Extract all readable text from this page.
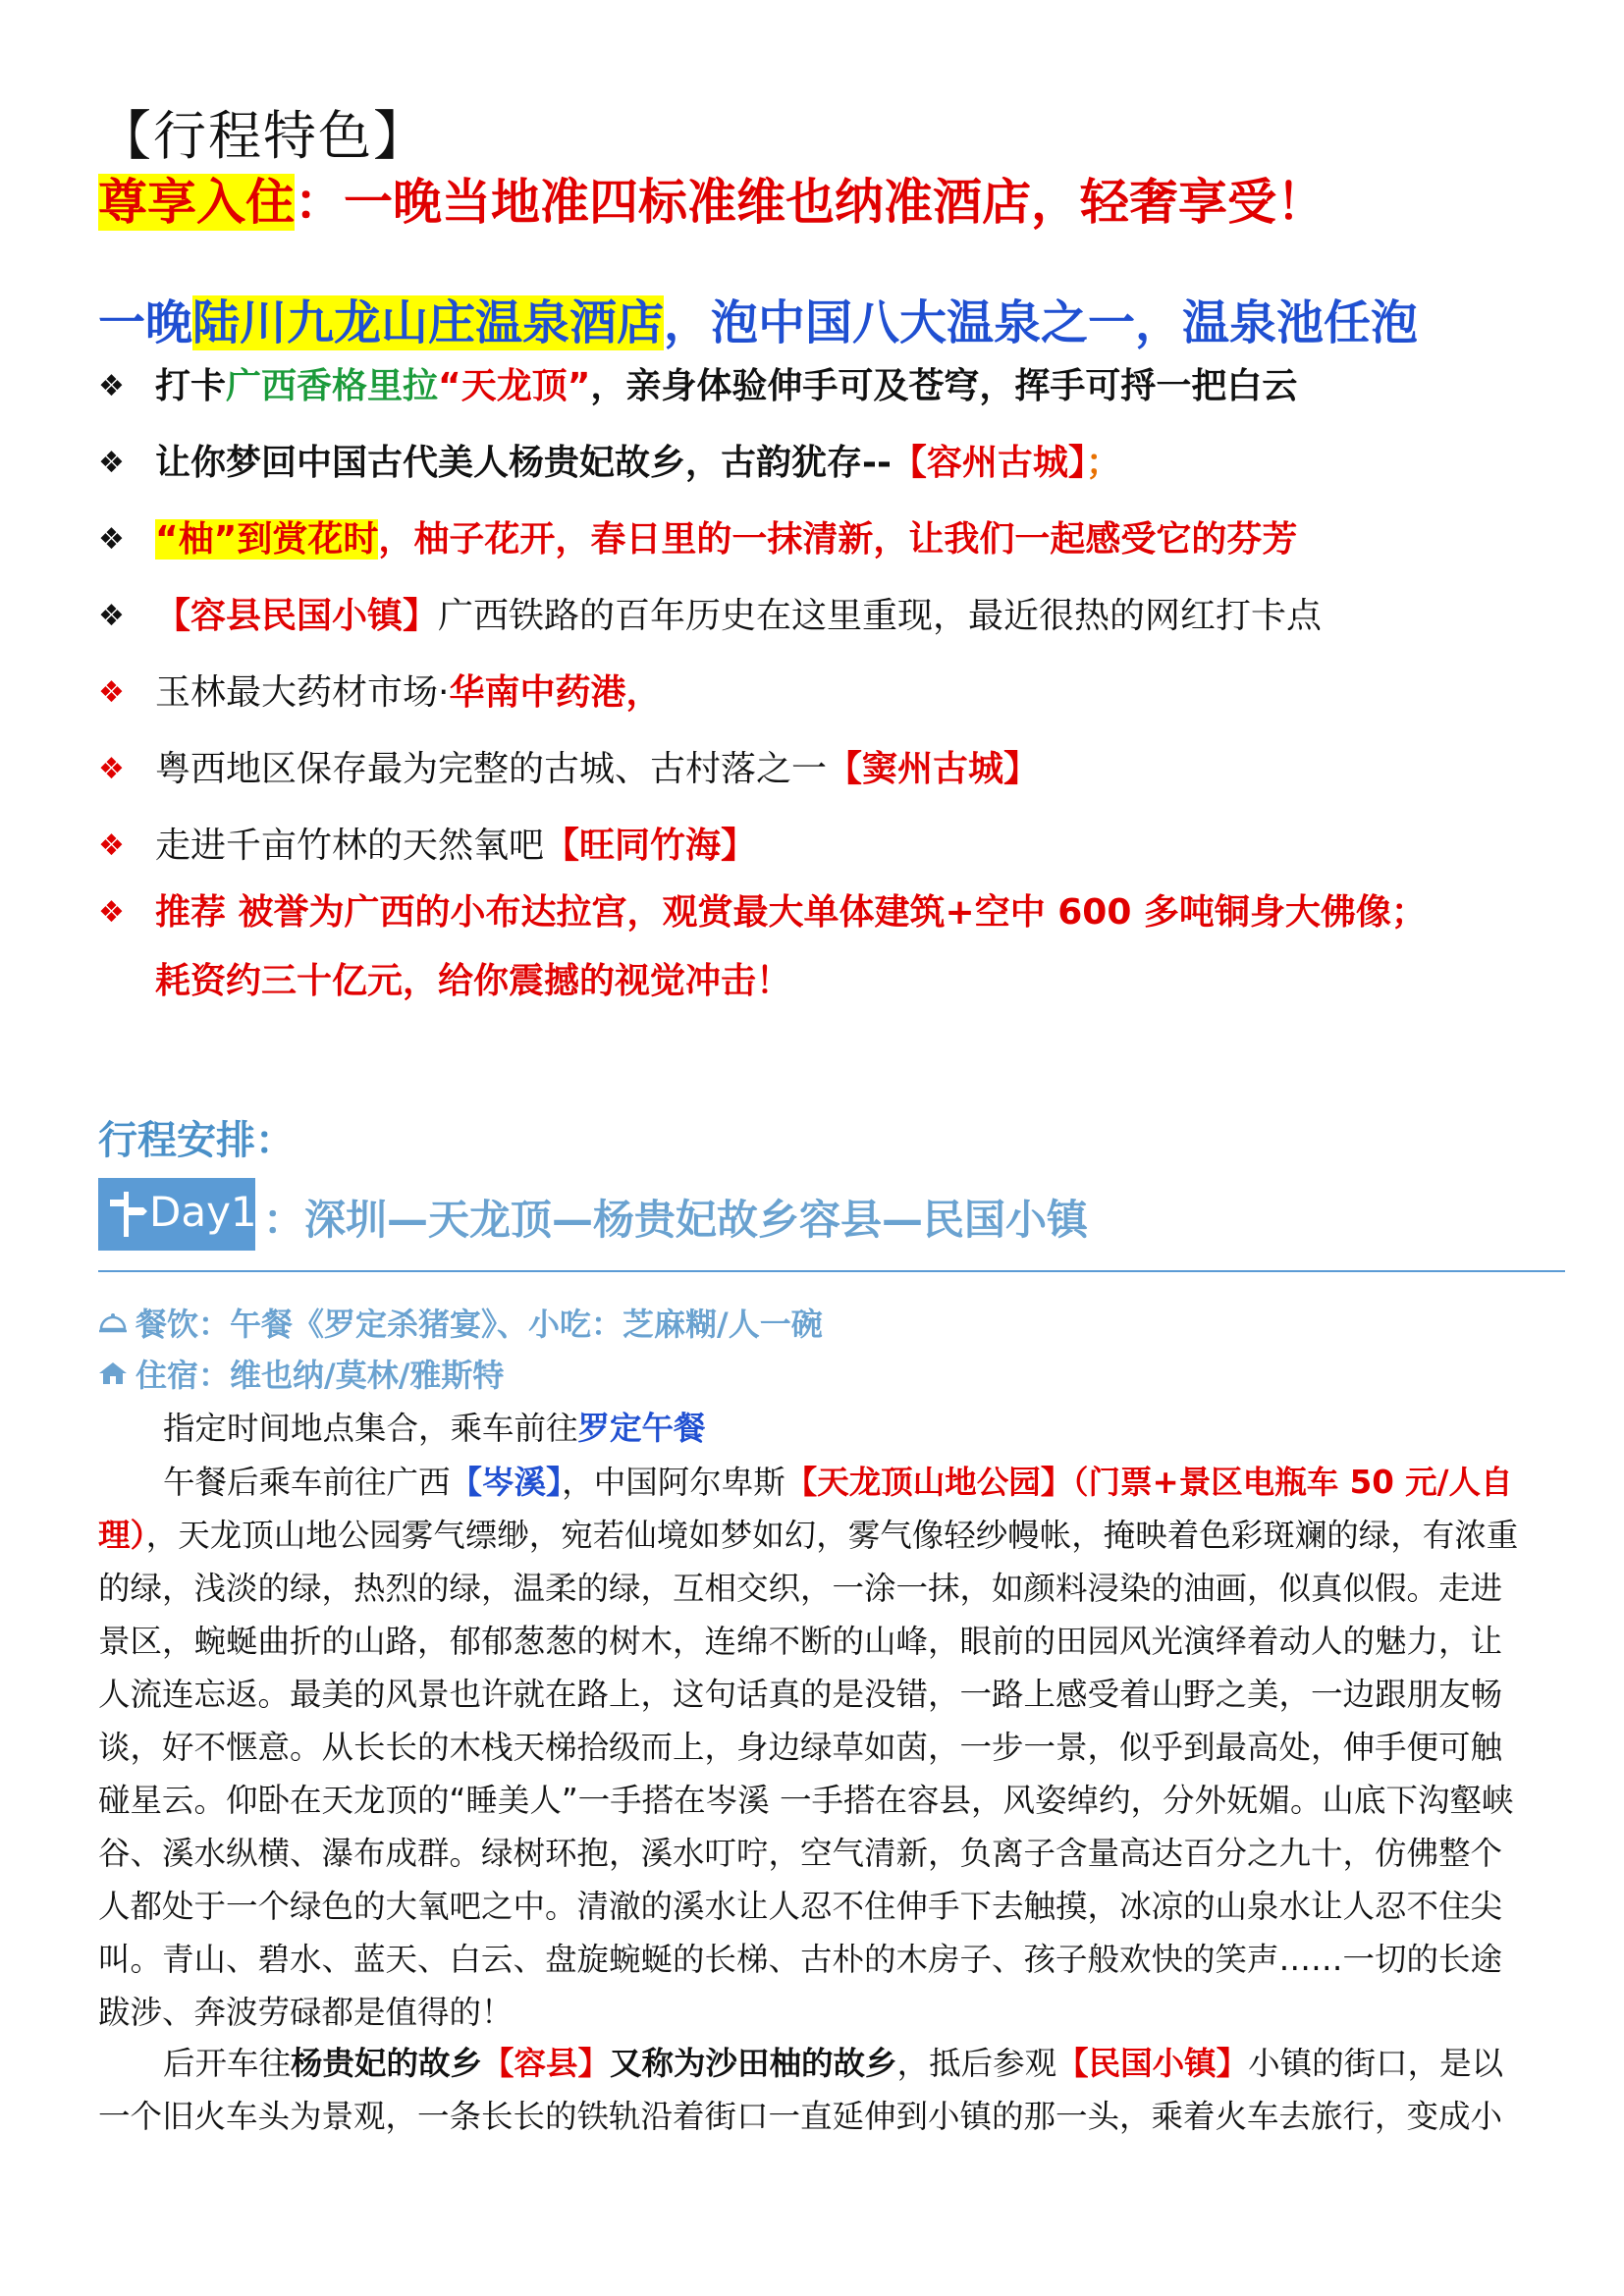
【行程特色】
尊享入住：一晚当地准四标准维也纳准酒店，轻奢享受！
一晚陆川九龙山庄温泉酒店，泡中国八大温泉之一，温泉池任泡
❖ 打卡广西香格里拉“天龙顶”，亲身体验伸手可及苍穹，挥手可捋一把白云
❖ 让你梦回中国古代美人杨贵妃故乡，古韵犹存--【容州古城】；
❖ “柚”到赏花时，柚子花开，春日里的一抹清新，让我们一起感受它的芬芳
❖ 【容县民国小镇】广西铁路的百年历史在这里重现，最近很热的网红打卡点
❖ 玉林最大药材市场·华南中药港，
❖ 粤西地区保存最为完整的古城、古村落之一【窦州古城】
❖ 走进千亩竹林的天然氧吧【旺同竹海】
❖ 推荐 被誉为广西的小布达拉宫，观赏最大单体建筑+空中 600 多吨铜身大佛像；
耗资约三十亿元，给你震撼的视觉冲击！
行程安排：
Day1 ：深圳—天龙顶—杨贵妃故乡容县—民国小镇
餐饮：午餐《罗定杀猪宴》、小吃：芝麻糊/人一碗
住宿：维也纳/莫林/雅斯特
指定时间地点集合，乘车前往罗定午餐
午餐后乘车前往广西【岑溪】，中国阿尔卑斯【天龙顶山地公园】（门票+景区电瓶车 50 元/人自理），天龙顶山地公园雾气缥缈，宛若仙境如梦如幻，雾气像轻纱幔帐，掩映着色彩斑斓的绿，有浓重的绿，浅淡的绿，热烈的绿，温柔的绿，互相交织，一涂一抹，如颜料浸染的油画，似真似假。走进景区，蜿蜒曲折的山路，郁郁葱葱的树木，连绵不断的山峰，眼前的田园风光演绎着动人的魅力，让人流连忘返。最美的风景也许就在路上，这句话真的是没错，一路上感受着山野之美，一边跟朋友畅谈，好不惬意。从长长的木栈天梯拾级而上，身边绿草如茵，一步一景，似乎到最高处，伸手便可触碰星云。仰卧在天龙顶的“睡美人”一手搭在岑溪 一手搭在容县，风姿绰约，分外妩媚。山底下沟壑峡谷、溪水纵横、瀑布成群。绿树环抱，溪水叮咛，空气清新，负离子含量高达百分之九十，仿佛整个人都处于一个绿色的大氧吧之中。清澈的溪水让人忍不住伸手下去触摸，冰凉的山泉水让人忍不住尖叫。青山、碧水、蓝天、白云、盘旋蜿蜒的长梯、古朴的木房子、孩子般欢快的笑声……一切的长途跋涉、奔波劳碌都是值得的！
后开车往杨贵妃的故乡【容县】又称为沙田柚的故乡，抵后参观【民国小镇】小镇的街口，是以一个旧火车头为景观，一条长长的铁轨沿着街口一直延伸到小镇的那一头，乘着火车去旅行，变成小
